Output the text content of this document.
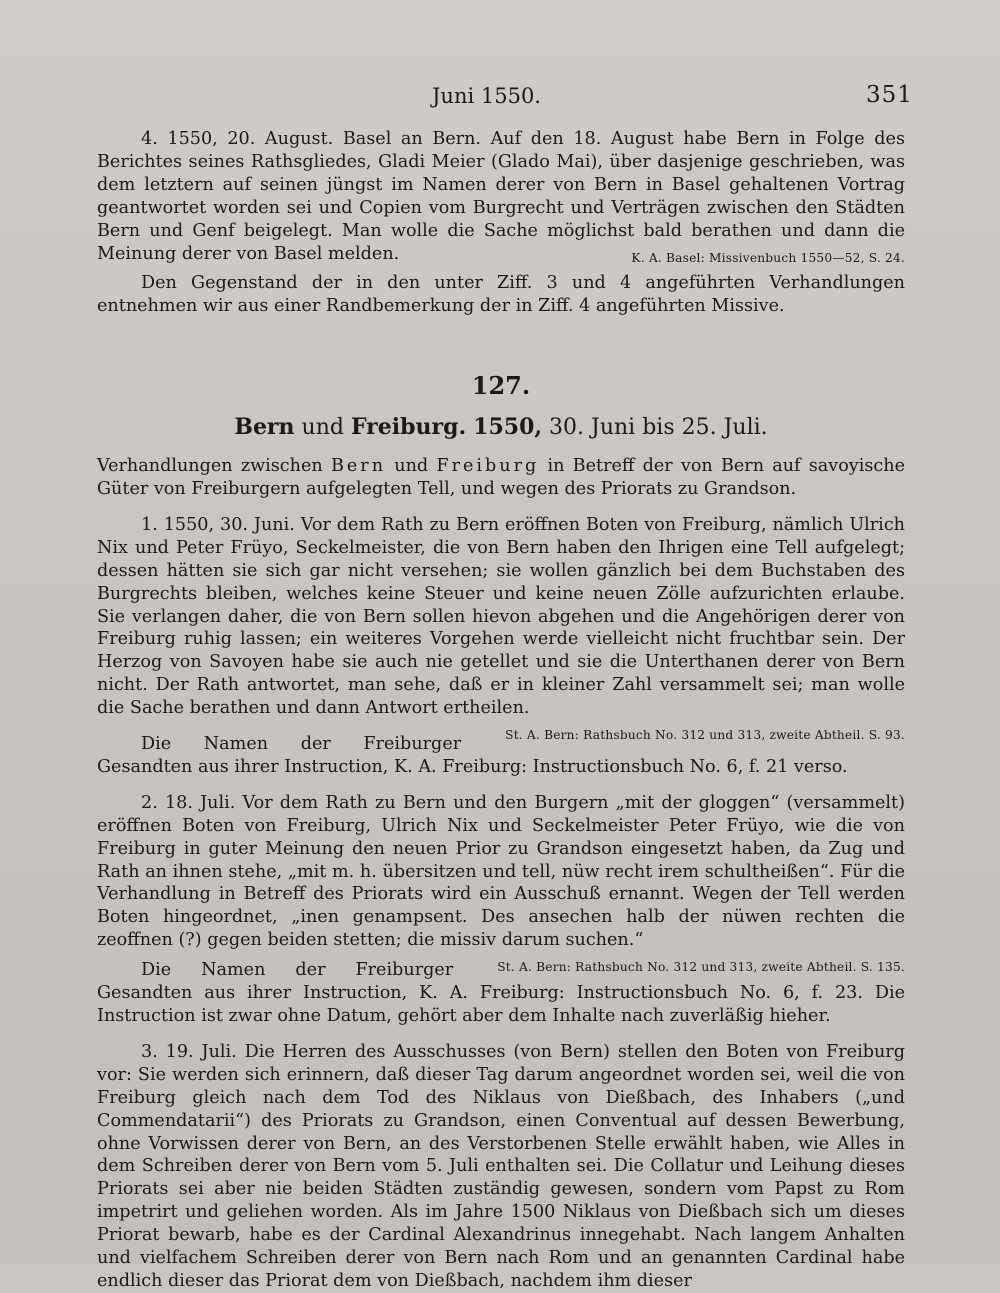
Juni 1550.	351

4. 1550, 20. August. Basel an Bern. Auf den 18. August habe Bern in Folge des Berichtes seines Rathsgliedes, Gladi Meier (Glado Mai), über dasjenige geschrieben, was dem letztern auf seinen jüngst im Namen derer von Bern in Basel gehaltenen Vortrag geantwortet worden sei und Copien vom Burgrecht und Verträgen zwischen den Städten Bern und Genf beigelegt. Man wolle die Sache möglichst bald berathen und dann die Meinung derer von Basel melden.	K. A. Basel: Missivenbuch 1550—52, S. 24.

Den Gegenstand der in den unter Ziff. 3 und 4 angeführten Verhandlungen entnehmen wir aus einer Randbemerkung der in Ziff. 4 angeführten Missive.

127.
Bern und Freiburg. 1550, 30. Juni bis 25. Juli.

Verhandlungen zwischen Bern und Freiburg in Betreff der von Bern auf savoyische Güter von Freiburgern aufgelegten Tell, und wegen des Priorats zu Grandson.

1. 1550, 30. Juni. Vor dem Rath zu Bern eröffnen Boten von Freiburg, nämlich Ulrich Nix und Peter Früyo, Seckelmeister, die von Bern haben den Ihrigen eine Tell aufgelegt; dessen hätten sie sich gar nicht versehen; sie wollen gänzlich bei dem Buchstaben des Burgrechts bleiben, welches keine Steuer und keine neuen Zölle aufzurichten erlaube. Sie verlangen daher, die von Bern sollen hievon abgehen und die Angehörigen derer von Freiburg ruhig lassen; ein weiteres Vorgehen werde vielleicht nicht fruchtbar sein. Der Herzog von Savoyen habe sie auch nie getellet und sie die Unterthanen derer von Bern nicht. Der Rath antwortet, man sehe, daß er in kleiner Zahl versammelt sei; man wolle die Sache berathen und dann Antwort ertheilen.
St. A. Bern: Rathsbuch No. 312 und 313, zweite Abtheil. S. 93.

Die Namen der Freiburger Gesandten aus ihrer Instruction, K. A. Freiburg: Instructionsbuch No. 6, f. 21 verso.

2. 18. Juli. Vor dem Rath zu Bern und den Burgern „mit der gloggen“ (versammelt) eröffnen Boten von Freiburg, Ulrich Nix und Seckelmeister Peter Früyo, wie die von Freiburg in guter Meinung den neuen Prior zu Grandson eingesetzt haben, da Zug und Rath an ihnen stehe, „mit m. h. übersitzen und tell, nüw recht irem schultheißen“. Für die Verhandlung in Betreff des Priorats wird ein Ausschuß ernannt. Wegen der Tell werden Boten hingeordnet, „inen genampsent. Des ansechen halb der nüwen rechten die zeoffnen (?) gegen beiden stetten; die missiv darum suchen.“
St. A. Bern: Rathsbuch No. 312 und 313, zweite Abtheil. S. 135.

Die Namen der Freiburger Gesandten aus ihrer Instruction, K. A. Freiburg: Instructionsbuch No. 6, f. 23. Die Instruction ist zwar ohne Datum, gehört aber dem Inhalte nach zuverläßig hieher.

3. 19. Juli. Die Herren des Ausschusses (von Bern) stellen den Boten von Freiburg vor: Sie werden sich erinnern, daß dieser Tag darum angeordnet worden sei, weil die von Freiburg gleich nach dem Tod des Niklaus von Dießbach, des Inhabers („und Commendatarii“) des Priorats zu Grandson, einen Conventual auf dessen Bewerbung, ohne Vorwissen derer von Bern, an des Verstorbenen Stelle erwählt haben, wie Alles in dem Schreiben derer von Bern vom 5. Juli enthalten sei. Die Collatur und Leihung dieses Priorats sei aber nie beiden Städten zuständig gewesen, sondern vom Papst zu Rom impetrirt und geliehen worden. Als im Jahre 1500 Niklaus von Dießbach sich um dieses Priorat bewarb, habe es der Cardinal Alexandrinus innegehabt. Nach langem Anhalten und vielfachem Schreiben derer von Bern nach Rom und an genannten Cardinal habe endlich dieser das Priorat dem von Dießbach, nachdem ihm dieser
